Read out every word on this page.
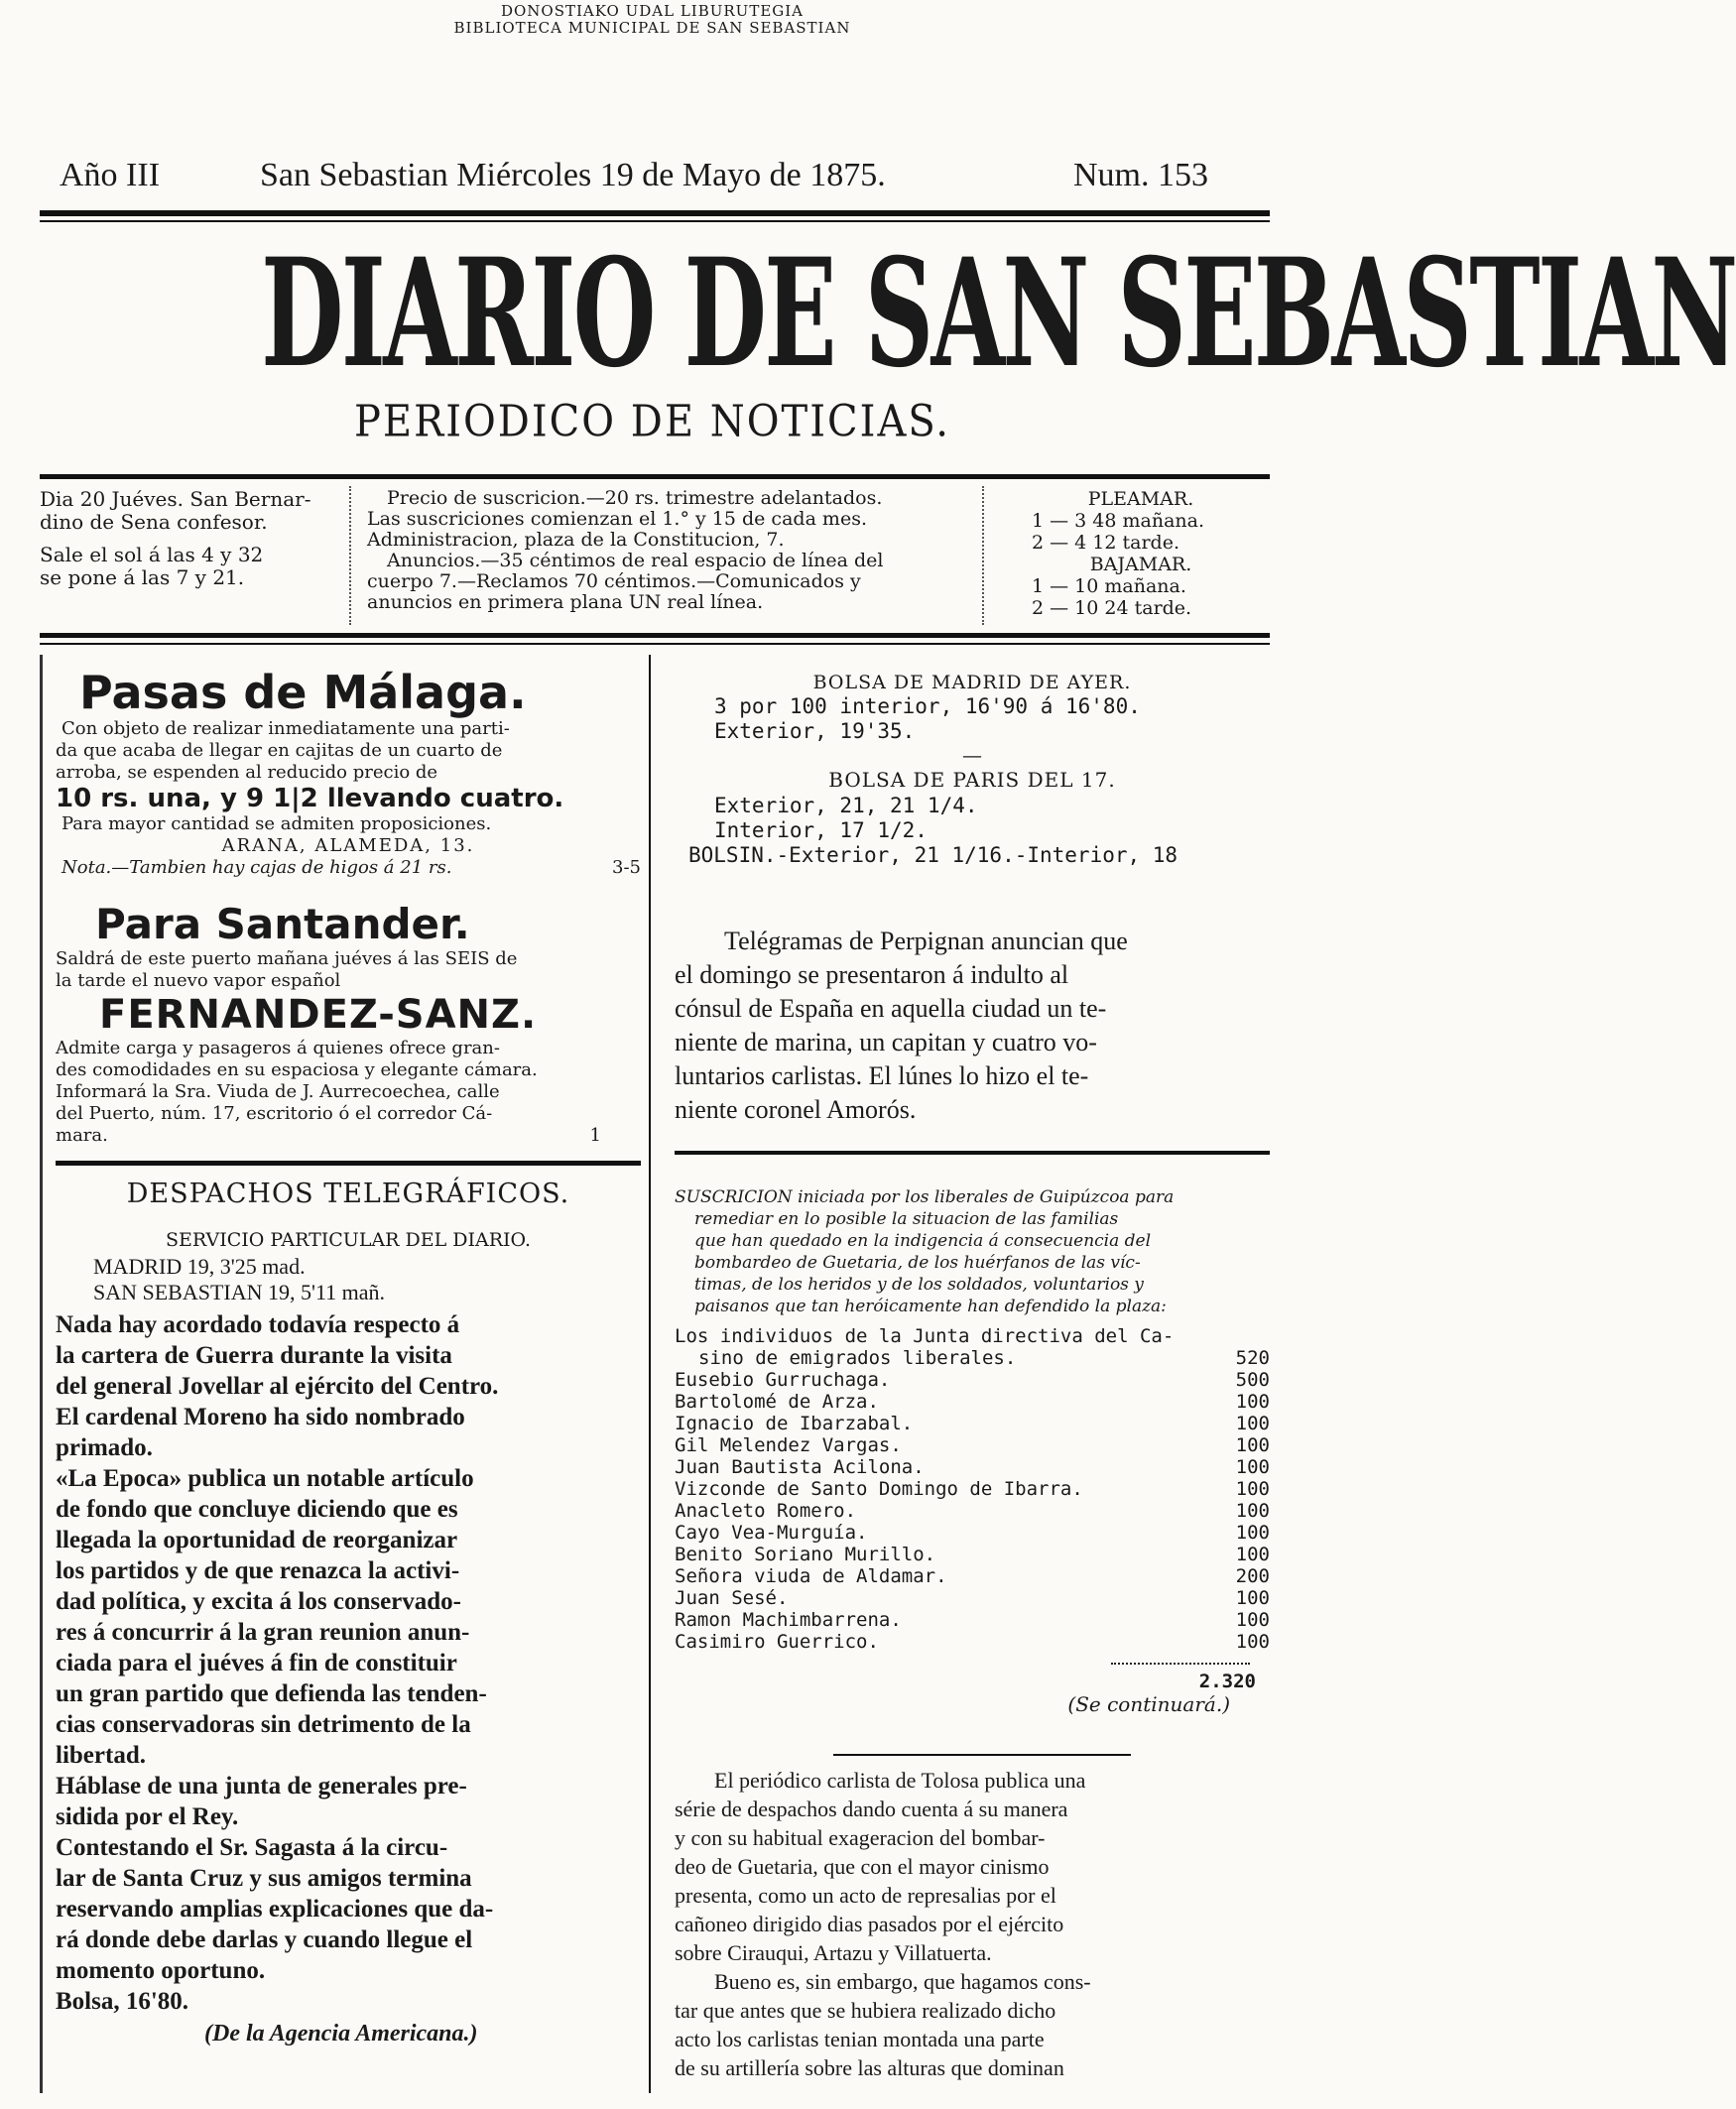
DONOSTIAKO UDAL LIBURUTEGIA
BIBLIOTECA MUNICIPAL DE SAN SEBASTIAN
Año III	San Sebastian Miércoles 19 de Mayo de 1875.	Num. 153
DIARIO DE SAN SEBASTIAN
PERIODICO DE NOTICIAS.
Dia 20 Juéves. San Bernar-
dino de Sena confesor.
Sale el sol á las 4 y 32
se pone á las 7 y 21.
Precio de suscricion.—20 rs. trimestre adelantados.
Las suscriciones comienzan el 1.° y 15 de cada mes.
Administracion, plaza de la Constitucion, 7.
Anuncios.—35 céntimos de real espacio de línea del
cuerpo 7.—Reclamos 70 céntimos.—Comunicados y
anuncios en primera plana UN real línea.
PLEAMAR.
1 — 3 48 mañana.
2 — 4 12 tarde.
BAJAMAR.
1 — 10 mañana.
2 — 10 24 tarde.
Pasas de Málaga.
Con objeto de realizar inmediatamente una parti-
da que acaba de llegar en cajitas de un cuarto de
arroba, se espenden al reducido precio de
10 rs. una, y 9 1|2 llevando cuatro.
Para mayor cantidad se admiten proposiciones.
ARANA, ALAMEDA, 13.
Nota.—Tambien hay cajas de higos á 21 rs.	3-5
Para Santander.
Saldrá de este puerto mañana juéves á las SEIS de
la tarde el nuevo vapor español
FERNANDEZ-SANZ.
Admite carga y pasageros á quienes ofrece gran-
des comodidades en su espaciosa y elegante cámara.
Informará la Sra. Viuda de J. Aurrecoechea, calle
del Puerto, núm. 17, escritorio ó el corredor Cá-
mara.	1
DESPACHOS TELEGRÁFICOS.
SERVICIO PARTICULAR DEL DIARIO.
MADRID 19, 3'25 mad.
SAN SEBASTIAN 19, 5'11 mañ.
Nada hay acordado todavía respecto á
la cartera de Guerra durante la visita
del general Jovellar al ejército del Centro.
El cardenal Moreno ha sido nombrado
primado.
«La Epoca» publica un notable artículo
de fondo que concluye diciendo que es
llegada la oportunidad de reorganizar
los partidos y de que renazca la activi-
dad política, y excita á los conservado-
res á concurrir á la gran reunion anun-
ciada para el juéves á fin de constituir
un gran partido que defienda las tenden-
cias conservadoras sin detrimento de la
libertad.
Háblase de una junta de generales pre-
sidida por el Rey.
Contestando el Sr. Sagasta á la circu-
lar de Santa Cruz y sus amigos termina
reservando amplias explicaciones que da-
rá donde debe darlas y cuando llegue el
momento oportuno.
Bolsa, 16'80.
(De la Agencia Americana.)
BOLSA DE MADRID DE AYER.
3 por 100 interior, 16'90 á 16'80.
Exterior, 19'35.
—
BOLSA DE PARIS DEL 17.
Exterior, 21, 21 1/4.
Interior, 17 1/2.
BOLSIN.-Exterior, 21 1/16.-Interior, 18
Telégramas de Perpignan anuncian que
el domingo se presentaron á indulto al
cónsul de España en aquella ciudad un te-
niente de marina, un capitan y cuatro vo-
luntarios carlistas. El lúnes lo hizo el te-
niente coronel Amorós.
SUSCRICION iniciada por los liberales de Guipúzcoa para
remediar en lo posible la situacion de las familias
que han quedado en la indigencia á consecuencia del
bombardeo de Guetaria, de los huérfanos de las víc-
timas, de los heridos y de los soldados, voluntarios y
paisanos que tan heróicamente han defendido la plaza:
Los individuos de la Junta directiva del Ca-
sino de emigrados liberales.	520
Eusebio Gurruchaga.	500
Bartolomé de Arza.	100
Ignacio de Ibarzabal.	100
Gil Melendez Vargas.	100
Juan Bautista Acilona.	100
Vizconde de Santo Domingo de Ibarra.	100
Anacleto Romero.	100
Cayo Vea-Murguía.	100
Benito Soriano Murillo.	100
Señora viuda de Aldamar.	200
Juan Sesé.	100
Ramon Machimbarrena.	100
Casimiro Guerrico.	100
2.320
(Se continuará.)
El periódico carlista de Tolosa publica una
série de despachos dando cuenta á su manera
y con su habitual exageracion del bombar-
deo de Guetaria, que con el mayor cinismo
presenta, como un acto de represalias por el
cañoneo dirigido dias pasados por el ejército
sobre Cirauqui, Artazu y Villatuerta.
Bueno es, sin embargo, que hagamos cons-
tar que antes que se hubiera realizado dicho
acto los carlistas tenian montada una parte
de su artillería sobre las alturas que dominan
